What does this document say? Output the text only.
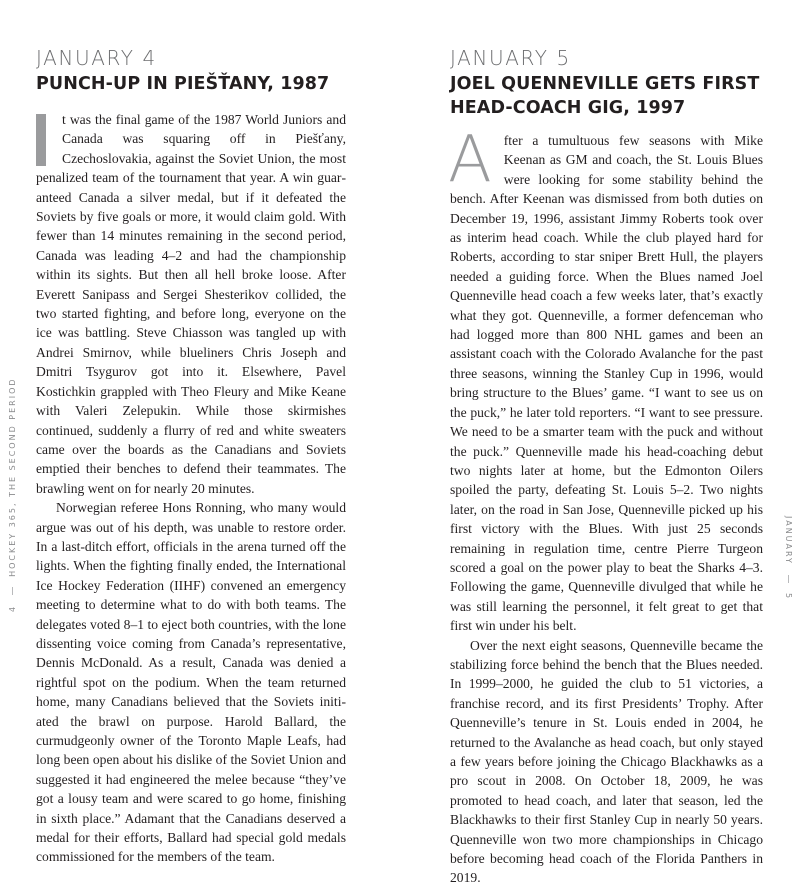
JANUARY 4
PUNCH-UP IN PIEŠŤANY, 1987

t was the final game of the 1987 World Juniors and Canada was squaring off in Piešťany, Czechoslovakia, against the Soviet Union, the most penalized team of the tournament that year. A win guaranteed Canada a silver medal, but if it defeated the Soviets by five goals or more, it would claim gold. With fewer than 14 minutes remaining in the second period, Canada was leading 4–2 and had the championship within its sights. But then all hell broke loose. After Everett Sanipass and Sergei Shesterikov collided, the two started fighting, and before long, everyone on the ice was battling. Steve Chiasson was tangled up with Andrei Smirnov, while blueliners Chris Joseph and Dmitri Tsygurov got into it. Elsewhere, Pavel Kostichkin grappled with Theo Fleury and Mike Keane with Valeri Zelepukin. While those skirmishes continued, suddenly a flurry of red and white sweaters came over the boards as the Canadians and Soviets emptied their benches to defend their teammates. The brawling went on for nearly 20 minutes.

Norwegian referee Hons Ronning, who many would argue was out of his depth, was unable to restore order. In a last-ditch effort, officials in the arena turned off the lights. When the fighting finally ended, the International Ice Hockey Federation (IIHF) convened an emergency meeting to determine what to do with both teams. The delegates voted 8–1 to eject both countries, with the lone dissenting voice coming from Canada’s representative, Dennis McDonald. As a result, Canada was denied a rightful spot on the podium. When the team returned home, many Canadians believed that the Soviets initiated the brawl on purpose. Harold Ballard, the curmudgeonly owner of the Toronto Maple Leafs, had long been open about his dislike of the Soviet Union and suggested it had engineered the melee because “they’ve got a lousy team and were scared to go home, finishing in sixth place.” Adamant that the Canadians deserved a medal for their efforts, Ballard had special gold medals commissioned for the members of the team.

4HOCKEY 365, THE SECOND PERIOD
JANUARY 5
JOEL QUENNEVILLE GETS FIRST
HEAD-COACH GIG, 1997

After a tumultuous few seasons with Mike Keenan as GM and coach, the St. Louis Blues were looking for some stability behind the bench. After Keenan was dismissed from both duties on December 19, 1996, assistant Jimmy Roberts took over as interim head coach. While the club played hard for Roberts, according to star sniper Brett Hull, the players needed a guiding force. When the Blues named Joel Quenneville head coach a few weeks later, that’s exactly what they got. Quenneville, a former defenceman who had logged more than 800 NHL games and been an assistant coach with the Colorado Avalanche for the past three seasons, winning the Stanley Cup in 1996, would bring structure to the Blues’ game. “I want to see us on the puck,” he later told reporters. “I want to see pressure. We need to be a smarter team with the puck and without the puck.” Quenneville made his head-coaching debut two nights later at home, but the Edmonton Oilers spoiled the party, defeating St. Louis 5–2. Two nights later, on the road in San Jose, Quenneville picked up his first victory with the Blues. With just 25 seconds remaining in regulation time, centre Pierre Turgeon scored a goal on the power play to beat the Sharks 4–3. Following the game, Quenneville divulged that while he was still learning the personnel, it felt great to get that first win under his belt.

Over the next eight seasons, Quenneville became the stabilizing force behind the bench that the Blues needed. In 1999–2000, he guided the club to 51 victories, a franchise record, and its first Presidents’ Trophy. After Quenneville’s tenure in St. Louis ended in 2004, he returned to the Avalanche as head coach, but only stayed a few years before joining the Chicago Blackhawks as a pro scout in 2008. On October 18, 2009, he was promoted to head coach, and later that season, led the Blackhawks to their first Stanley Cup in nearly 50 years. Quenneville won two more championships in Chicago before becoming head coach of the Florida Panthers in 2019.

JANUARY5
